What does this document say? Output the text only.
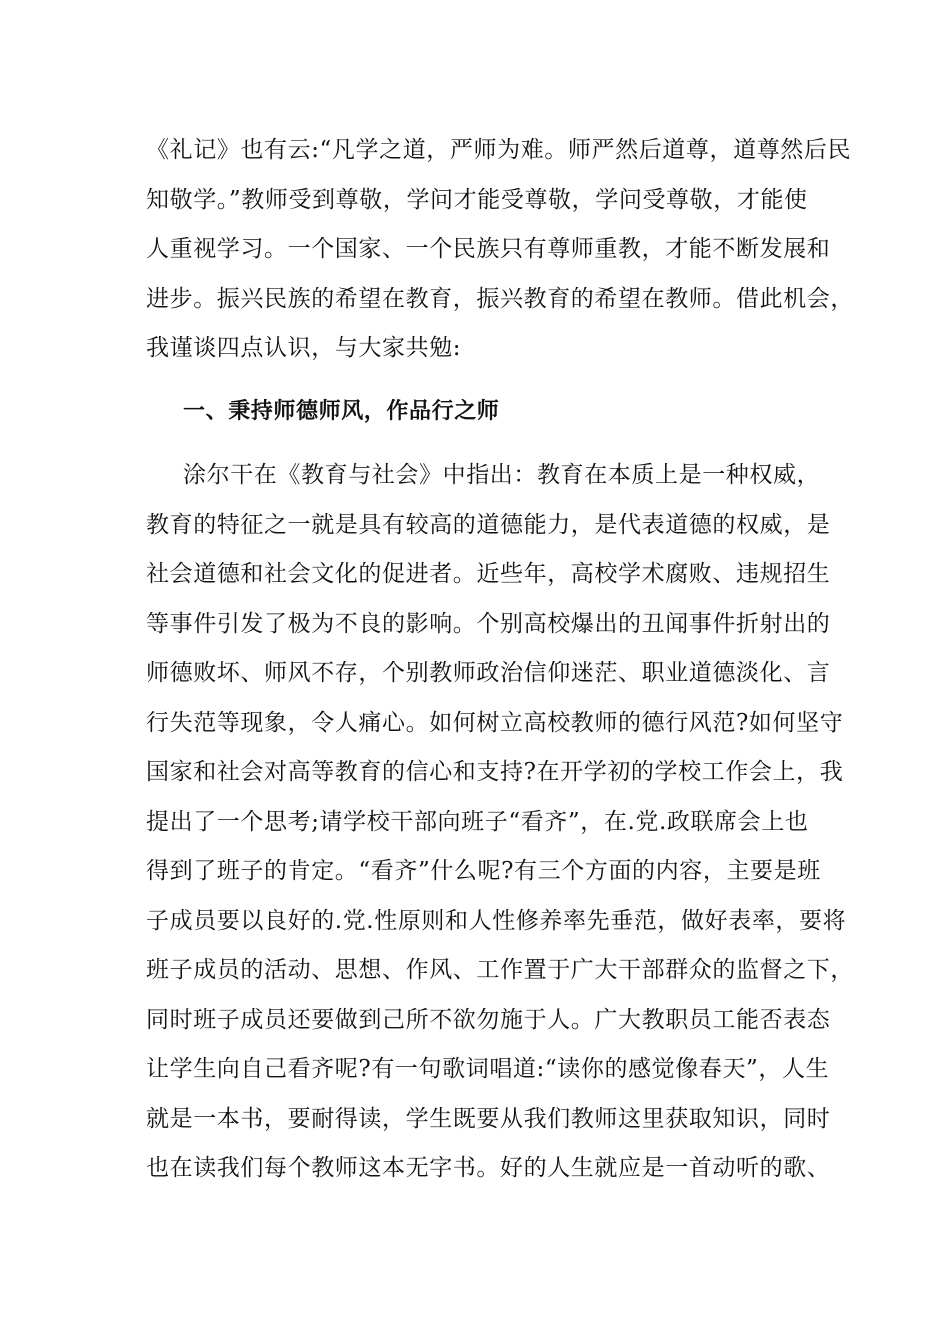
《礼记》也有云:“凡学之道，严师为难。师严然后道尊，道尊然后民
知敬学。”教师受到尊敬，学问才能受尊敬，学问受尊敬，才能使
人重视学习。一个国家、一个民族只有尊师重教，才能不断发展和
进步。振兴民族的希望在教育，振兴教育的希望在教师。借此机会，
我谨谈四点认识，与大家共勉:
一、秉持师德师风，作品行之师
涂尔干在《教育与社会》中指出：教育在本质上是一种权威，
教育的特征之一就是具有较高的道德能力，是代表道德的权威，是
社会道德和社会文化的促进者。近些年，高校学术腐败、违规招生
等事件引发了极为不良的影响。个别高校爆出的丑闻事件折射出的
师德败坏、师风不存，个别教师政治信仰迷茫、职业道德淡化、言
行失范等现象，令人痛心。如何树立高校教师的德行风范?如何坚守
国家和社会对高等教育的信心和支持?在开学初的学校工作会上，我
提出了一个思考;请学校干部向班子“看齐”，在.党.政联席会上也
得到了班子的肯定。“看齐”什么呢?有三个方面的内容，主要是班
子成员要以良好的.党.性原则和人性修养率先垂范，做好表率，要将
班子成员的活动、思想、作风、工作置于广大干部群众的监督之下，
同时班子成员还要做到己所不欲勿施于人。广大教职员工能否表态
让学生向自己看齐呢?有一句歌词唱道:“读你的感觉像春天”，人生
就是一本书，要耐得读，学生既要从我们教师这里获取知识，同时
也在读我们每个教师这本无字书。好的人生就应是一首动听的歌、
